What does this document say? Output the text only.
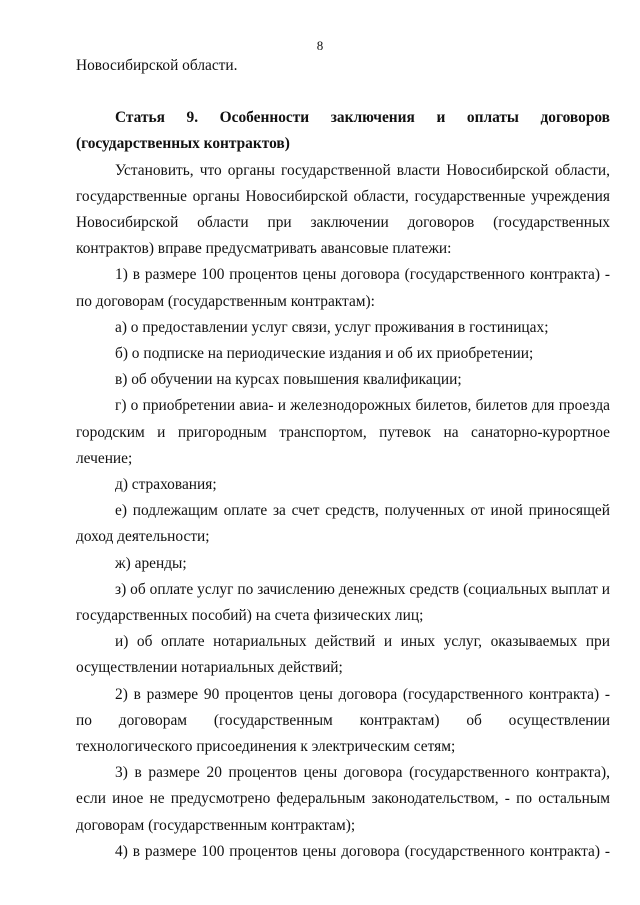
8

Новосибирской области.

Статья 9. Особенности заключения и оплаты договоров
(государственных контрактов)

Установить, что органы государственной власти Новосибирской области, государственные органы Новосибирской области, государственные учреждения Новосибирской области при заключении договоров (государственных контрактов) вправе предусматривать авансовые платежи:

1) в размере 100 процентов цены договора (государственного контракта) - по договорам (государственным контрактам):

а) о предоставлении услуг связи, услуг проживания в гостиницах;

б) о подписке на периодические издания и об их приобретении;

в) об обучении на курсах повышения квалификации;

г) о приобретении авиа- и железнодорожных билетов, билетов для проезда городским и пригородным транспортом, путевок на санаторно-курортное лечение;

д) страхования;

е) подлежащим оплате за счет средств, полученных от иной приносящей доход деятельности;

ж) аренды;

з) об оплате услуг по зачислению денежных средств (социальных выплат и государственных пособий) на счета физических лиц;

и) об оплате нотариальных действий и иных услуг, оказываемых при осуществлении нотариальных действий;

2) в размере 90 процентов цены договора (государственного контракта) - по договорам (государственным контрактам) об осуществлении технологического присоединения к электрическим сетям;

3) в размере 20 процентов цены договора (государственного контракта), если иное не предусмотрено федеральным законодательством, - по остальным договорам (государственным контрактам);

4) в размере 100 процентов цены договора (государственного контракта) -
